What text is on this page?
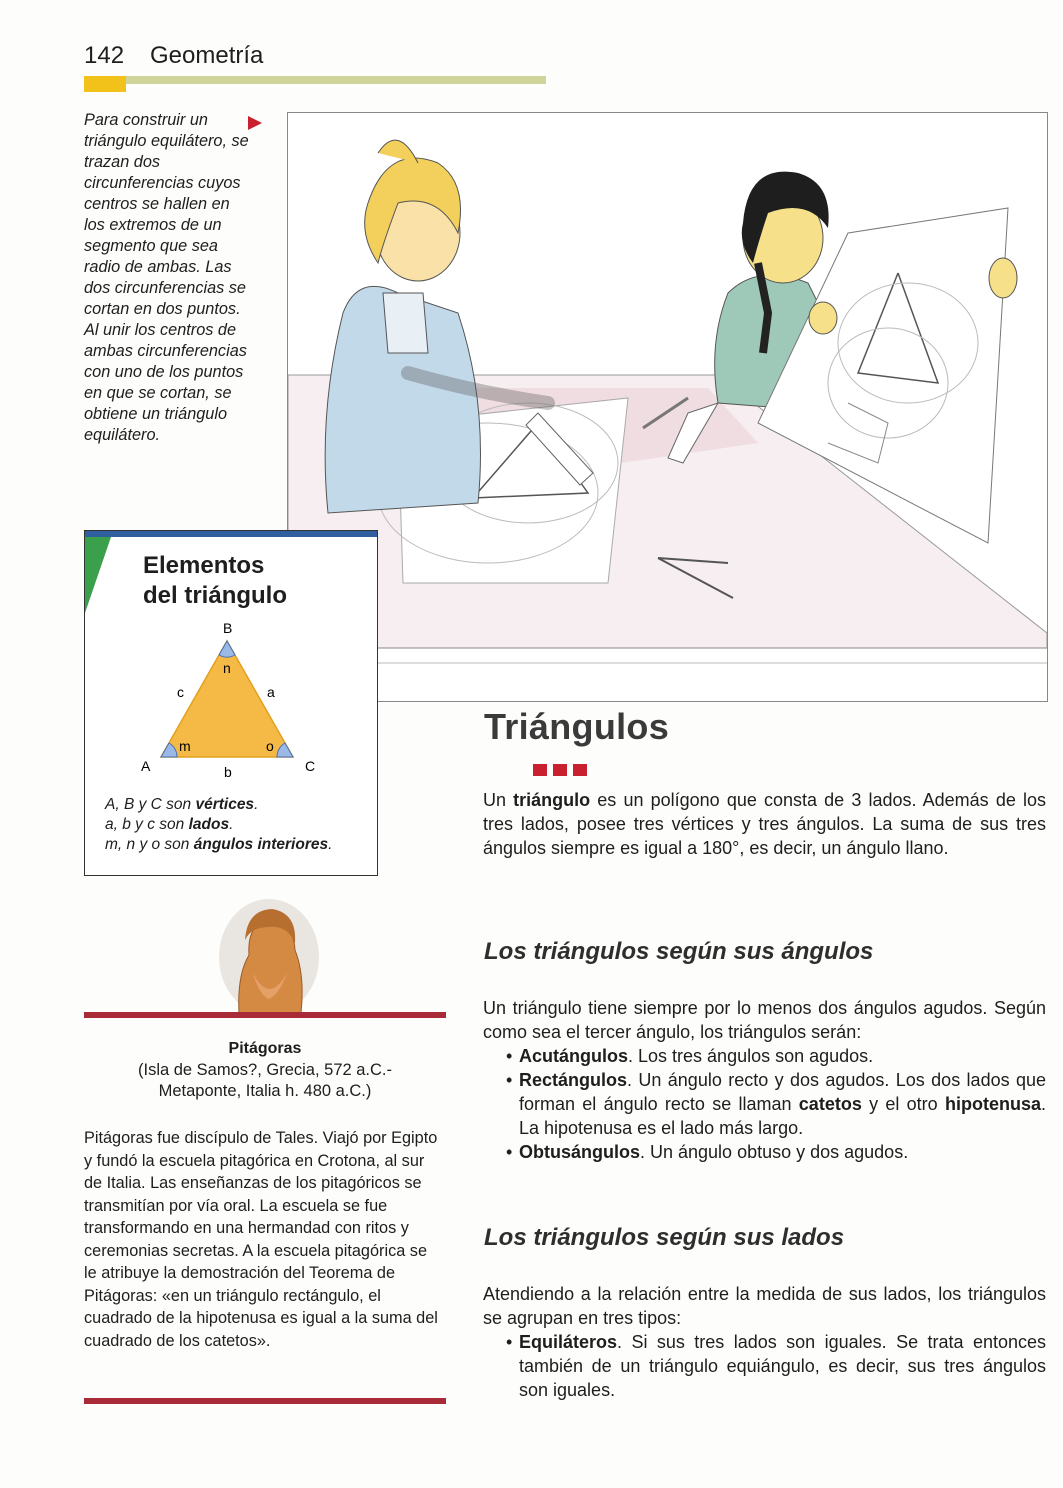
142 Geometría

Para construir un triángulo equilátero, se trazan dos circunferencias cuyos centros se hallen en los extremos de un segmento que sea radio de ambas. Las dos circunferencias se cortan en dos puntos. Al unir los centros de ambas circunferencias con uno de los puntos en que se cortan, se obtiene un triángulo equilátero.

Elementos
del triángulo
B
A	C
c	a
b
n
m	o

A, B y C son vértices.
a, b y c son lados.
m, n y o son ángulos interiores.

Pitágoras
(Isla de Samos?, Grecia, 572 a.C.-
Metaponte, Italia h. 480 a.C.)

Pitágoras fue discípulo de Tales. Viajó por Egipto y fundó la escuela pitagórica en Crotona, al sur de Italia. Las enseñanzas de los pitagóricos se transmitían por vía oral. La escuela se fue transformando en una hermandad con ritos y ceremonias secretas. A la escuela pitagórica se le atribuye la demostración del Teorema de Pitágoras: «en un triángulo rectángulo, el cuadrado de la hipotenusa es igual a la suma del cuadrado de los catetos».

Triángulos

Un triángulo es un polígono que consta de 3 lados. Además de los tres lados, posee tres vértices y tres ángulos. La suma de sus tres ángulos siempre es igual a 180°, es decir, un ángulo llano.

Los triángulos según sus ángulos

Un triángulo tiene siempre por lo menos dos ángulos agudos. Según como sea el tercer ángulo, los triángulos serán:

• Acutángulos. Los tres ángulos son agudos.
• Rectángulos. Un ángulo recto y dos agudos. Los dos lados que forman el ángulo recto se llaman catetos y el otro hipotenusa. La hipotenusa es el lado más largo.
• Obtusángulos. Un ángulo obtuso y dos agudos.
Los triángulos según sus lados

Atendiendo a la relación entre la medida de sus lados, los triángulos se agrupan en tres tipos:

• Equiláteros. Si sus tres lados son iguales. Se trata entonces también de un triángulo equiángulo, es decir, sus tres ángulos son iguales.
